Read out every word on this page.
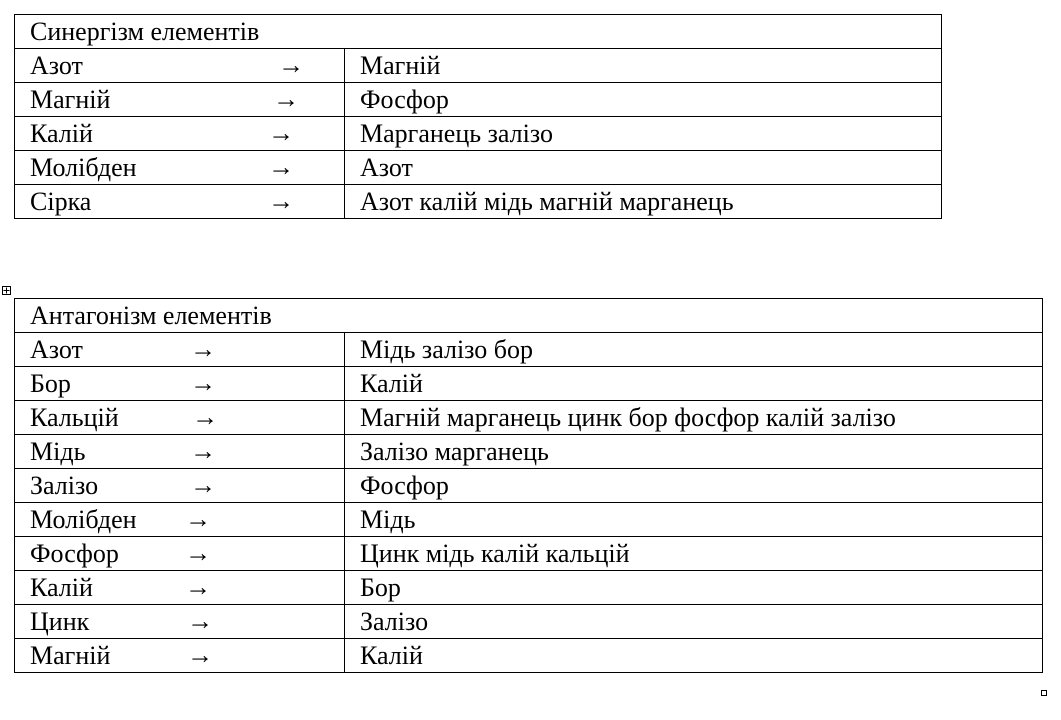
Синергізм елементів	
Азот →	Магній
Магній →	Фосфор
Калій →	Марганець залізо
Молібден →	Азот
Сірка →	Азот калій мідь магній марганець
Антагонізм елементів	
Азот →	Мідь залізо бор
Бор →	Калій
Кальцій →	Магній марганець цинк бор фосфор калій залізо
Мідь →	Залізо марганець
Залізо →	Фосфор
Молібден →	Мідь
Фосфор →	Цинк мідь калій кальцій
Калій →	Бор
Цинк →	Залізо
Магній →	Калій
